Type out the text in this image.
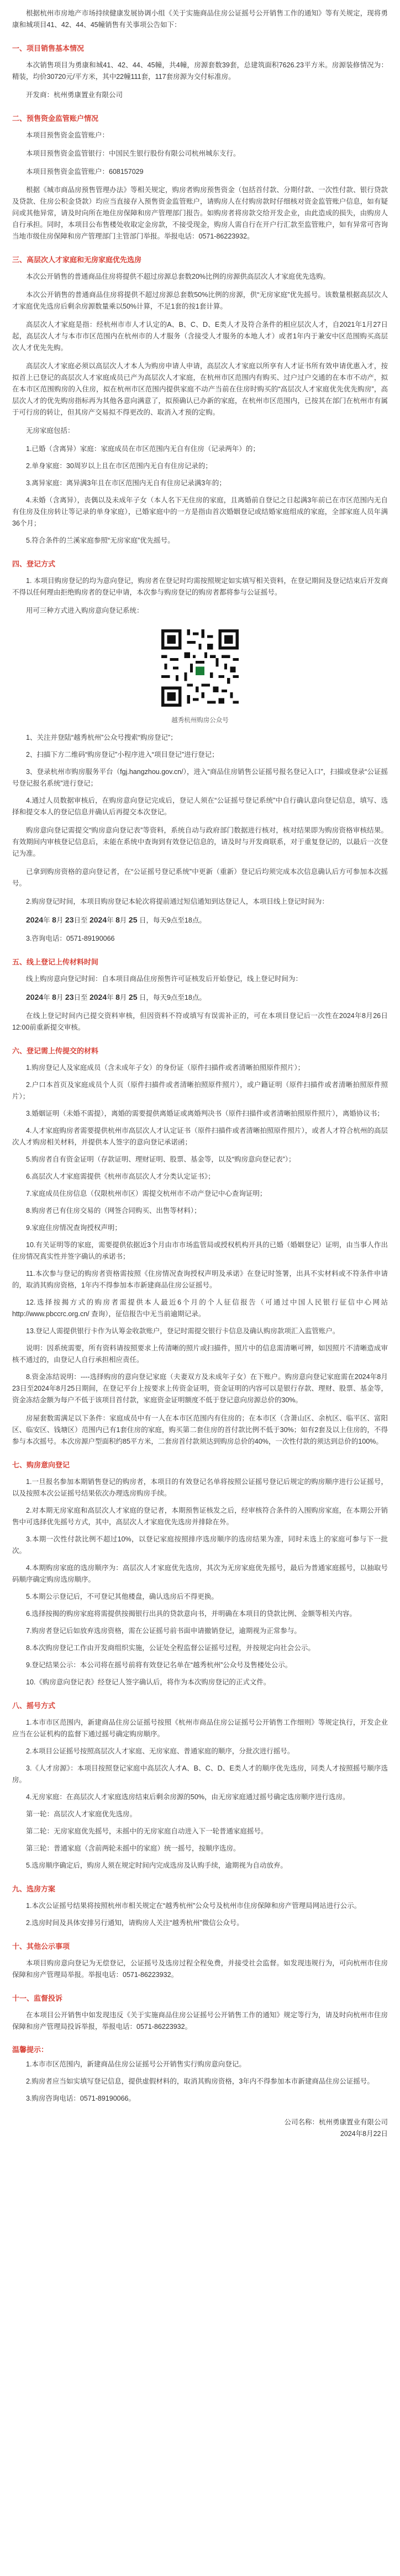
根据杭州市房地产市场持续健康发展协调小组《关于实施商品住房公证摇号公开销售工作的通知》等有关规定，现将勇康和城项目41、42、44、45幢销售有关事项公告如下：

一、项目销售基本情况

本次销售项目为勇康和城41、42、44、45幢，共4幢，房源套数39套，总建筑面积7626.23平方米。房源装修情况为：精装，均价30720元/平方米，其中22幢111套，117套房源为交付标准房。

开发商：杭州勇康置业有限公司

二、预售资金监管账户情况

本项目预售资金监管账户：

本项目预售资金监管银行：中国民生银行股份有限公司杭州城东支行。

本项目预售资金监管账户：608157029

根据《城市商品房预售管理办法》等相关规定，购房者购房预售资金（包括首付款、分期付款、一次性付款、银行贷款及贷款、住房公积金贷款）均应当直接存入预售资金监管账户，请购房人在付购房款时仔细核对资金监管账户信息，如有疑问或其他异常，请及时向所在地住房保障和房产管理部门报告。如购房者将房款交给开发企业，由此造成的损失，由购房人自行承担。同时，本项目公布售楼处收取定金房款，不接受现金，购房人需自行在开户行汇款至监管账户，如有异常可咨询当地市级住房保障和房产管理部门主管部门举报。举报电话：0571-86223932。

三、高层次人才家庭和无房家庭优先选房

本次公开销售的普通商品住房将提供不超过房源总套数20%比例的房源供高层次人才家庭优先选购。

本次公开销售的普通商品住房将提供不超过房源总套数50%比例的房源，供“无房家庭”优先摇号。该数量根据高层次人才家庭优先选房后剩余房源数量乘以50%计算，不足1套的按1套计算。

高层次人才家庭是指：经杭州市市人才认定的A、B、C、D、E类人才及符合条件的相应层次人才，自2021年1月27日起，高层次人才与本市市区范围内在杭州市的人才服务（含接受人才服务的本地人才）或者1年内于兼安中区范围购买高层次人才优先先购。

高层次人才家庭必须以高层次人才本人为购房申请人申请，高层次人才家庭以所享有人才证书所有效申请优惠入才，按拟首上已登记的高层次人才家庭成员已产为高层次人才家庭，在杭州市区范围内有购买、过户过户交通的在本市不动产，拟在本市区范围购房的入住房，拟在杭州市区范围内提供家庭不动产当前在住房时购买的“高层次人才家庭优先优先购房”，高层次人才的优先购房指标再为其他各意向满意了，拟预确认已办新的家庭，在杭州市区范围内，已按其在部门在杭州市有属于可行房的转让，但其房产交易拟不得更改的、取消入才预的定购。

无房家庭包括：

1.已婚（含离异）家庭：家庭成员在市区范围内无自有住房（记录两年）的；

2.单身家庭：30周岁以上且在市区范围内无自有住房记录的；

3.离异家庭：离异满3年且在市区范围内无自有住房记录满3年的；

4.未婚（含离异），丧偶以及未成年子女（本人名下无住房的家庭，且离婚前自登记之日起满3年前已在市区范围内无自有住房及住房转让等记录的单身家庭），已婚家庭中的一方是指由首次婚姻登记或结婚家庭组成的家庭，全部家庭人员年满36个月；

5.符合条件的兰溪家庭参照“无房家庭”优先摇号。

四、登记方式

1. 本项目购房登记的均为意向登记，购房者在登记时均需按照规定如实填写相关资料，在登记期间及登记结束后开发商不得以任何理由拒绝购房者的登记申请，本次参与购房登记的购房者都将参与公证摇号。

用可三种方式进入购房意向登记系统：

越秀杭州购房公众号

1、关注并登陆“越秀杭州”公众号搜索“购房登记”；

2、扫描下方二维码“购房登记”小程序进入“项目登记”进行登记；

3、登录杭州市购房服务平台（fgj.hangzhou.gov.cn/），进入“商品住房销售公证摇号报名登记入口”，扫描或登录“公证摇号登记报名系统”进行登记；

4.通过人员数据审核后，在购房意向登记完成后，登记人须在“公证摇号登记系统”中自行确认意向登记信息，填写、选择和提交本人的登记信息并确认后再提交本次登记。

购房意向登记需提交“购房意向登记表”等资料，系统自动与政府部门数据进行核对，核对结果即为购房资格审核结果。有效期间内审核登记信息后，未能在系统中查询到有效登记信息的，请及时与开发商联系，对于重复登记的，以最后一次登记为准。

已拿到购房资格的意向登记者，在“公证摇号登记系统”中更新（重新）登记后均须完成本次信息确认后方可参加本次摇号。

2.购房登记时间，本项目购房登记本轮次将提前通过短信通知到达登记人，本项目线上登记时间为：

2024年 8月 23日至 2024年 8月 25 日，每天9点至18点。

3.咨询电话：0571-89190066

五、线上登记上传材料时间

线上购房意向登记时间：自本项目商品住房预售许可证核发后开始登记，线上登记时间为：

2024年 8月 23日至 2024年 8月 25 日，每天9点至18点。

在线上登记时间内已提交资料审核，但因资料不符或填写有误需补正的，可在本项目登记后一次性在2024年8月26日12:00前重新提交审核。

六、登记需上传提交的材料

1.购房登记人及家庭成员（含未成年子女）的身份证（原件扫描件或者清晰拍照原件照片）；

2.户口本首页及家庭成员个人页（原件扫描件或者清晰拍照原件照片），或户籍证明（原件扫描件或者清晰拍照原件照片）；

3.婚姻证明（未婚不需提），离婚的需要提供离婚证或离婚判决书（原件扫描件或者清晰拍照原件照片），离婚协议书；

4.人才家庭购房者需要提供杭州市高层次人才认定证书（原件扫描件或者清晰拍照原件照片），或者人才符合杭州的高层次人才购房相关材料，并提供本人签字的意向登记承诺函；

5.购房者自有资金证明（存款证明、理财证明、股票、基金等，以及“购房意向登记表”）；

6.高层次人才家庭需提供《杭州市高层次人才分类认定证书》；

7.家庭成员住房信息（仅限杭州市区）需提交杭州市不动产登记中心查询证明；

8.购房者已有住房交易的（网签合同购买、出售等材料）；

9.家庭住房情况查询授权声明；

10.有关证明等的家庭，需要提供依据近3个月由市市场监管局或授权机构开具的已婚（婚姻登记）证明，由当事人作出住房情况真实性并签字确认的承诺书；

11.本次参与登记的购房者资格需按照《住房情况查询授权声明及承诺》在登记时签署，出具不实材料或不符条件申请的，取消其购房资格，1年内不得参加本市新建商品住房公证摇号。

12.选择按揭方式的购房者需提供本人最近6个月的个人征信报告（可通过中国人民银行征信中心网站 http://www.pbccrc.org.cn/ 查询），征信报告中无当前逾期记录。

13.登记人需提供银行卡作为认筹金收款账户，登记时需提交银行卡信息及确认购房款项汇入监管账户。

说明：因系统需要，所有资料请按照要求上传清晰的照片或扫描件，照片中的信息需清晰可辨，如因照片不清晰造成审核不通过的，由登记人自行承担相应责任。

8.资金冻结说明：----选择购房的意向登记家庭（夫妻双方及未成年子女）在下账户。购房意向登记家庭需在2024年8月23日至2024年8月25日期间，在登记平台上按要求上传资金证明，资金证明的内容可以是银行存款、理财、股票、基金等，资金冻结金额为每户不低于该项目首付款，家庭资金证明额度不低于登记意向房源总价的30%。

房屋套数需满足以下条件：家庭成员中有一人在本市区范围内有住房的；在本市区（含萧山区、余杭区、临平区、富阳区、临安区、钱塘区）范围内已有1套住房的家庭，购买第二套住房的首付款比例不低于30%；如有2套及以上住房的，不得参与本次摇号。本次房源户型面积约85平方米，二套房首付款须达到购房总价的40%，一次性付款的须达到总价的100%。

七、购房意向登记

1.一旦报名参加本期销售登记的购房者，本项目的有效登记名单将按照公证摇号登记后规定的购房顺序进行公证摇号，以及按照本次公证摇号结果依次办理选房购房手续。

2.对本期无房家庭和高层次人才家庭的登记者，本期预售证核发之后，经审核符合条件的入围购房家庭，在本期公开销售中可选择优先摇号方式，其中，高层次人才家庭优先选房并排除在外。

3.本期一次性付款比例不超过10%，以登记家庭按照排序选房顺序的选房结果为准，同时未选上的家庭可参与下一批次。

4.本期购房家庭的选房顺序为：高层次人才家庭优先选房，其次为无房家庭优先摇号，最后为普通家庭摇号，以抽取号码顺序确定购房选房顺序。

5.本期公示登记后，不可登记其他楼盘，确认选房后不得更换。

6.选择按揭的购房家庭将需提供按揭银行出具的贷款意向书，并明确在本项目的贷款比例、金额等相关内容。

7.购房者登记后如放弃选房资格，需在公证摇号前书面申请撤销登记，逾期视为正常参与。

8.本次购房登记工作由开发商组织实施，公证处全程监督公证摇号过程，并按规定向社会公示。

9.登记结果公示：本公司将在摇号前将有效登记名单在“越秀杭州”公众号及售楼处公示。

10.《购房意向登记表》经登记人签字确认后，将作为本次购房登记的正式文件。

八、摇号方式

1.本市市区范围内，新建商品住房公证摇号按照《杭州市商品住房公证摇号公开销售工作细则》等规定执行，开发企业应当在公证机构的监督下通过摇号确定购房顺序。

2.本项目公证摇号按照高层次人才家庭、无房家庭、普通家庭的顺序，分批次进行摇号。

3.《人才房源》：本项目按照登记家庭中高层次人才A、B、C、D、E类人才的顺序优先选房，同类人才按照摇号顺序选房。

4.无房家庭：在高层次人才家庭选房结束后剩余房源的50%，由无房家庭通过摇号确定选房顺序进行选房。

第一轮：高层次人才家庭优先选房。

第二轮：无房家庭优先摇号，未摇中的无房家庭自动进入下一轮普通家庭摇号。

第三轮：普通家庭（含前两轮未摇中的家庭）统一摇号，按顺序选房。

5.选房顺序确定后，购房人须在规定时间内完成选房及认购手续，逾期视为自动放弃。

九、选房方案

1.本次公证摇号结果将按照杭州市相关规定在“越秀杭州”公众号及杭州市住房保障和房产管理局网站进行公示。

2.选房时间及具体安排另行通知，请购房人关注“越秀杭州”微信公众号。

十、其他公示事项

本项目购房意向登记为无偿登记，公证摇号及选房过程全程免费，并接受社会监督。如发现违规行为，可向杭州市住房保障和房产管理局举报。举报电话：0571-86223932。

十一、监督投诉

在本项目公开销售中如发现违反《关于实施商品住房公证摇号公开销售工作的通知》规定等行为，请及时向杭州市住房保障和房产管理局投诉举报，举报电话：0571-86223932。

温馨提示：

1.本市市区范围内，新建商品住房公证摇号公开销售实行购房意向登记。

2.购房者应当如实填写登记信息，提供虚假材料的，取消其购房资格，3年内不得参加本市新建商品住房公证摇号。

3.购房咨询电话：0571-89190066。

公司名称：杭州勇康置业有限公司
2024年8月22日
